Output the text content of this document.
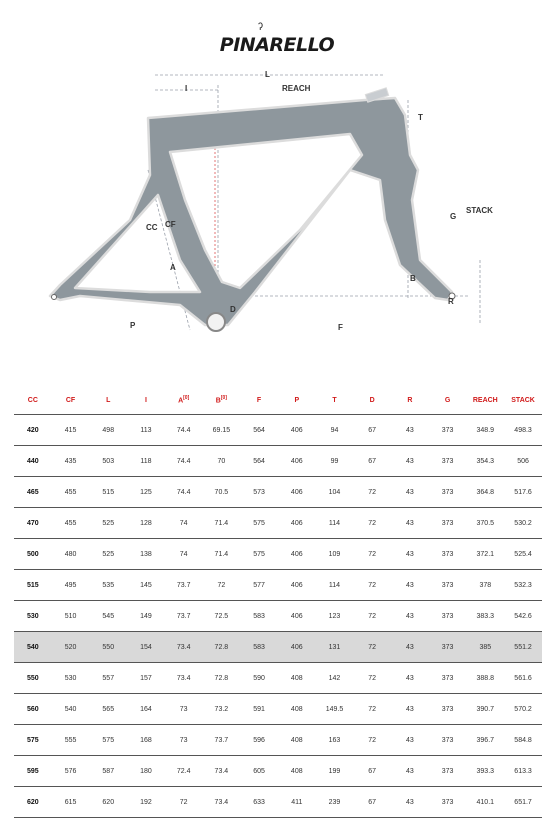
ʔ
PINARELLO
L
I	REACH
T
G
STACK
CC CF
A
B
D
P	F
R
CC	CF	L	I	A[0]	B[0]	F	P	T	D	R	G	REACH	STACK
420	415	498	113	74.4	69.15	564	406	94	67	43	373	348.9	498.3
440	435	503	118	74.4	70	564	406	99	67	43	373	354.3	506
465	455	515	125	74.4	70.5	573	406	104	72	43	373	364.8	517.6
470	455	525	128	74	71.4	575	406	114	72	43	373	370.5	530.2
500	480	525	138	74	71.4	575	406	109	72	43	373	372.1	525.4
515	495	535	145	73.7	72	577	406	114	72	43	373	378	532.3
530	510	545	149	73.7	72.5	583	406	123	72	43	373	383.3	542.6
540	520	550	154	73.4	72.8	583	406	131	72	43	373	385	551.2
550	530	557	157	73.4	72.8	590	408	142	72	43	373	388.8	561.6
560	540	565	164	73	73.2	591	408	149.5	72	43	373	390.7	570.2
575	555	575	168	73	73.7	596	408	163	72	43	373	396.7	584.8
595	576	587	180	72.4	73.4	605	408	199	67	43	373	393.3	613.3
620	615	620	192	72	73.4	633	411	239	67	43	373	410.1	651.7
